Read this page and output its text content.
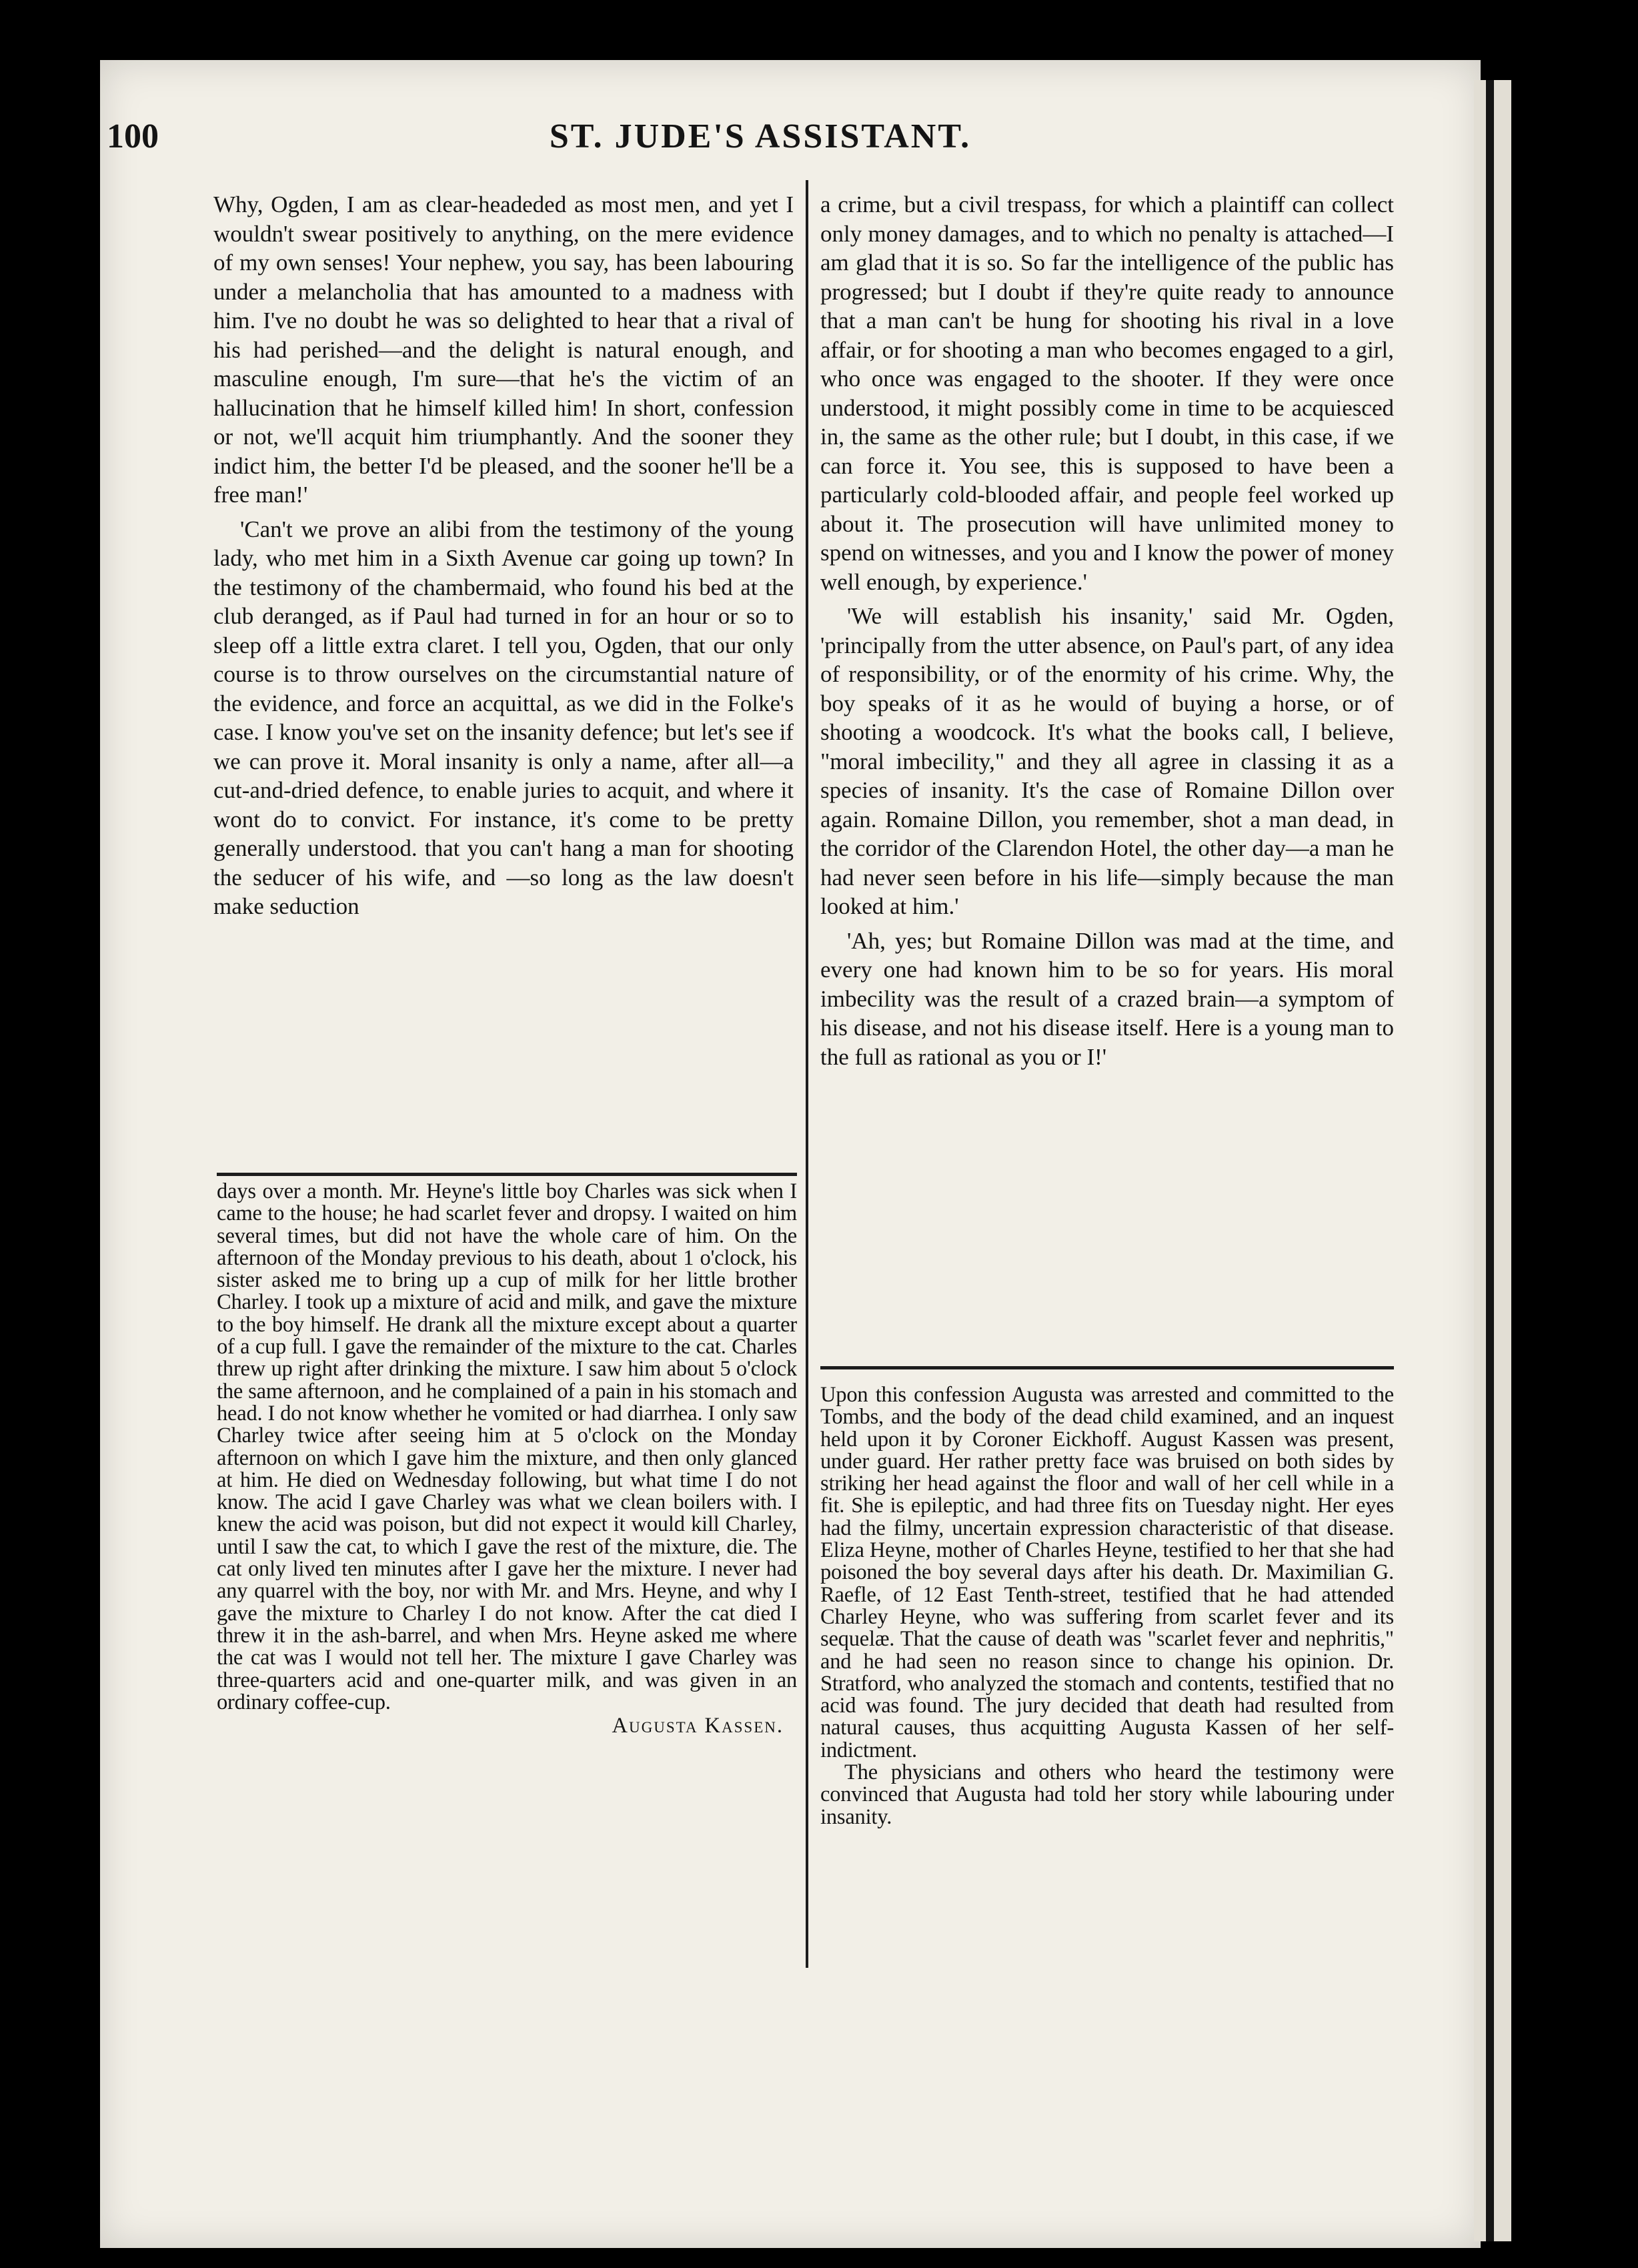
100	ST. JUDE'S ASSISTANT.

Why, Ogden, I am as clear-headeded as most men, and yet I wouldn't swear positively to anything, on the mere evidence of my own senses! Your nephew, you say, has been labouring under a melancholia that has amounted to a madness with him. I've no doubt he was so delighted to hear that a rival of his had perished—and the delight is natural enough, and masculine enough, I'm sure—that he's the victim of an hallucination that he himself killed him! In short, confession or not, we'll acquit him triumphantly. And the sooner they indict him, the better I'd be pleased, and the sooner he'll be a free man!'

'Can't we prove an alibi from the testimony of the young lady, who met him in a Sixth Avenue car going up town? In the testimony of the chambermaid, who found his bed at the club deranged, as if Paul had turned in for an hour or so to sleep off a little extra claret. I tell you, Ogden, that our only course is to throw ourselves on the circumstantial nature of the evidence, and force an acquittal, as we did in the Folke's case. I know you've set on the insanity defence; but let's see if we can prove it. Moral insanity is only a name, after all—a cut-and-dried defence, to enable juries to acquit, and where it wont do to convict. For instance, it's come to be pretty generally understood. that you can't hang a man for shooting the seducer of his wife, and —so long as the law doesn't make seduction

a crime, but a civil trespass, for which a plaintiff can collect only money damages, and to which no penalty is attached—I am glad that it is so. So far the intelligence of the public has progressed; but I doubt if they're quite ready to announce that a man can't be hung for shooting his rival in a love affair, or for shooting a man who becomes engaged to a girl, who once was engaged to the shooter. If they were once understood, it might possibly come in time to be acquiesced in, the same as the other rule; but I doubt, in this case, if we can force it. You see, this is supposed to have been a particularly cold-blooded affair, and people feel worked up about it. The prosecution will have unlimited money to spend on witnesses, and you and I know the power of money well enough, by experience.'

'We will establish his insanity,' said Mr. Ogden, 'principally from the utter absence, on Paul's part, of any idea of responsibility, or of the enormity of his crime. Why, the boy speaks of it as he would of buying a horse, or of shooting a woodcock. It's what the books call, I believe, "moral imbecility," and they all agree in classing it as a species of insanity. It's the case of Romaine Dillon over again. Romaine Dillon, you remember, shot a man dead, in the corridor of the Clarendon Hotel, the other day—a man he had never seen before in his life—simply because the man looked at him.'

'Ah, yes; but Romaine Dillon was mad at the time, and every one had known him to be so for years. His moral imbecility was the result of a crazed brain—a symptom of his disease, and not his disease itself. Here is a young man to the full as rational as you or I!'

days over a month. Mr. Heyne's little boy Charles was sick when I came to the house; he had scarlet fever and dropsy. I waited on him several times, but did not have the whole care of him. On the afternoon of the Monday previous to his death, about 1 o'clock, his sister asked me to bring up a cup of milk for her little brother Charley. I took up a mixture of acid and milk, and gave the mixture to the boy himself. He drank all the mixture except about a quarter of a cup full. I gave the remainder of the mixture to the cat. Charles threw up right after drinking the mixture. I saw him about 5 o'clock the same afternoon, and he complained of a pain in his stomach and head. I do not know whether he vomited or had diarrhea. I only saw Charley twice after seeing him at 5 o'clock on the Monday afternoon on which I gave him the mixture, and then only glanced at him. He died on Wednesday following, but what time I do not know. The acid I gave Charley was what we clean boilers with. I knew the acid was poison, but did not expect it would kill Charley, until I saw the cat, to which I gave the rest of the mixture, die. The cat only lived ten minutes after I gave her the mixture. I never had any quarrel with the boy, nor with Mr. and Mrs. Heyne, and why I gave the mixture to Charley I do not know. After the cat died I threw it in the ash-barrel, and when Mrs. Heyne asked me where the cat was I would not tell her. The mixture I gave Charley was three-quarters acid and one-quarter milk, and was given in an ordinary coffee-cup.

Augusta Kassen.

Upon this confession Augusta was arrested and committed to the Tombs, and the body of the dead child examined, and an inquest held upon it by Coroner Eickhoff. August Kassen was present, under guard. Her rather pretty face was bruised on both sides by striking her head against the floor and wall of her cell while in a fit. She is epileptic, and had three fits on Tuesday night. Her eyes had the filmy, uncertain expression characteristic of that disease. Eliza Heyne, mother of Charles Heyne, testified to her that she had poisoned the boy several days after his death. Dr. Maximilian G. Raefle, of 12 East Tenth-street, testified that he had attended Charley Heyne, who was suffering from scarlet fever and its sequelæ. That the cause of death was "scarlet fever and nephritis," and he had seen no reason since to change his opinion. Dr. Stratford, who analyzed the stomach and contents, testified that no acid was found. The jury decided that death had resulted from natural causes, thus acquitting Augusta Kassen of her self-indictment.

The physicians and others who heard the testimony were convinced that Augusta had told her story while labouring under insanity.
